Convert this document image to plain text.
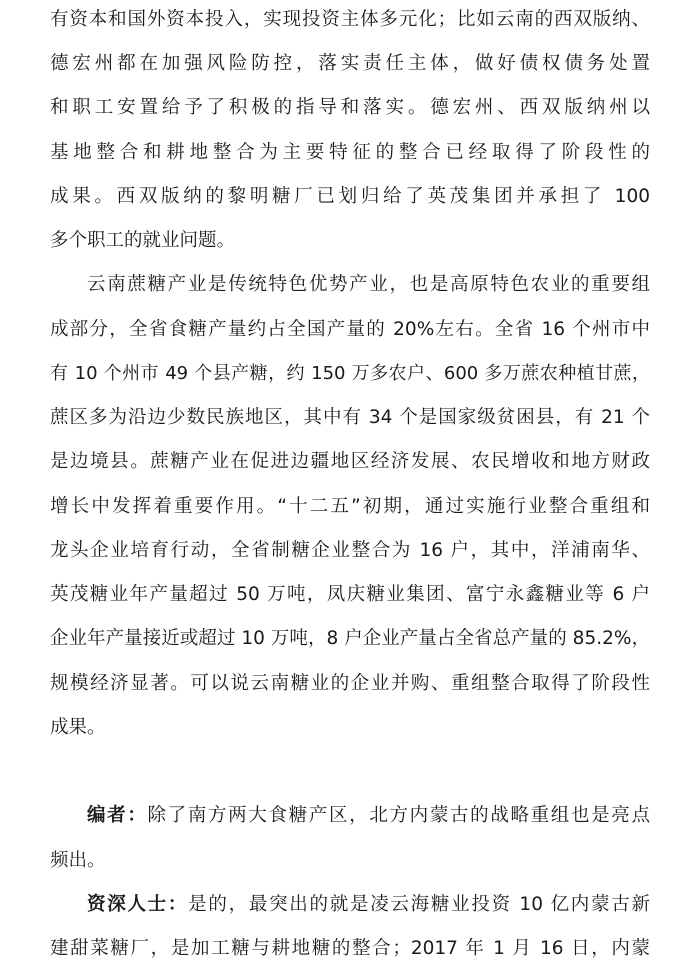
有资本和国外资本投入，实现投资主体多元化；比如云南的西双版纳、
德宏州都在加强风险防控，落实责任主体，做好债权债务处置
和职工安置给予了积极的指导和落实。德宏州、西双版纳州以
基地整合和耕地整合为主要特征的整合已经取得了阶段性的
成果。西双版纳的黎明糖厂已划归给了英茂集团并承担了 100
多个职工的就业问题。
云南蔗糖产业是传统特色优势产业，也是高原特色农业的重要组
成部分，全省食糖产量约占全国产量的 20%左右。全省 16 个州市中
有 10 个州市 49 个县产糖，约 150 万多农户、600 多万蔗农种植甘蔗，
蔗区多为沿边少数民族地区，其中有 34 个是国家级贫困县，有 21 个
是边境县。蔗糖产业在促进边疆地区经济发展、农民增收和地方财政
增长中发挥着重要作用。“十二五”初期，通过实施行业整合重组和
龙头企业培育行动，全省制糖企业整合为 16 户，其中，洋浦南华、
英茂糖业年产量超过 50 万吨，凤庆糖业集团、富宁永鑫糖业等 6 户
企业年产量接近或超过 10 万吨，8 户企业产量占全省总产量的 85.2%，
规模经济显著。可以说云南糖业的企业并购、重组整合取得了阶段性
成果。
编者：除了南方两大食糖产区，北方内蒙古的战略重组也是亮点
频出。
资深人士：是的，最突出的就是凌云海糖业投资 10 亿内蒙古新
建甜菜糖厂，是加工糖与耕地糖的整合；2017 年 1 月 16 日，内蒙
